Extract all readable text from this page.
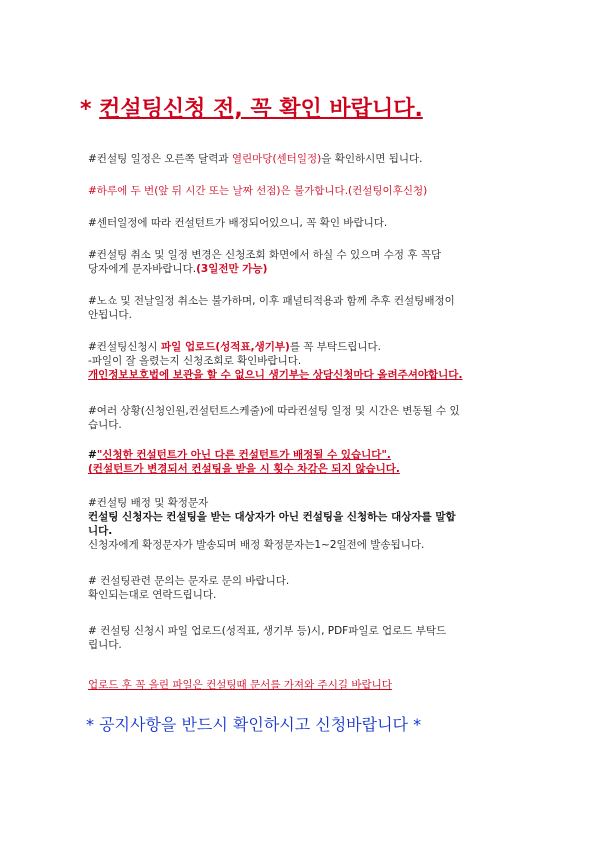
* 컨설팅신청 전, 꼭 확인 바랍니다.

#컨설팅 일정은 오른쪽 달력과 열린마당(센터일정)을 확인하시면 됩니다.

#하루에 두 번(앞 뒤 시간 또는 날짜 선점)은 불가합니다.(컨설팅이후신청)

#센터일정에 따라 컨설턴트가 배정되어있으니, 꼭 확인 바랍니다.

#컨설팅 취소 및 일정 변경은 신청조회 화면에서 하실 수 있으며 수정 후 꼭담

당자에게 문자바랍니다.(3일전만 가능)

#노쇼 및 전날일정 취소는 불가하며, 이후 패널티적용과 함께 추후 컨설팅배정이

안됩니다.

#컨설팅신청시 파일 업로드(성적표,생기부)를 꼭 부탁드립니다.

-파일이 잘 올렸는지 신청조회로 확인바랍니다.

개인정보보호법에 보관을 할 수 없으니 생기부는 상담신청마다 올려주셔야합니다.

#여러 상황(신청인원,컨설턴트스케줄)에 따라컨설팅 일정 및 시간은 변동될 수 있

습니다.

#"신청한 컨설턴트가 아닌 다른 컨설턴트가 배정될 수 있습니다".

(컨설턴트가 변경되서 컨설팅을 받을 시 횟수 차감은 되지 않습니다.

#컨설팅 배정 및 확정문자

컨설팅 신청자는 컨설팅을 받는 대상자가 아닌 컨설팅을 신청하는 대상자를 말합

니다.

신청자에게 확정문자가 발송되며 배정 확정문자는1~2일전에 발송됩니다.

# 컨설팅관련 문의는 문자로 문의 바랍니다.

확인되는대로 연락드립니다.

# 컨설팅 신청시 파일 업로드(성적표, 생기부 등)시, PDF파일로 업로드 부탁드

립니다.

업로드 후 꼭 올린 파일은 컨설팅때 문서를 가져와 주시길 바랍니다

* 공지사항을 반드시 확인하시고 신청바랍니다 *
